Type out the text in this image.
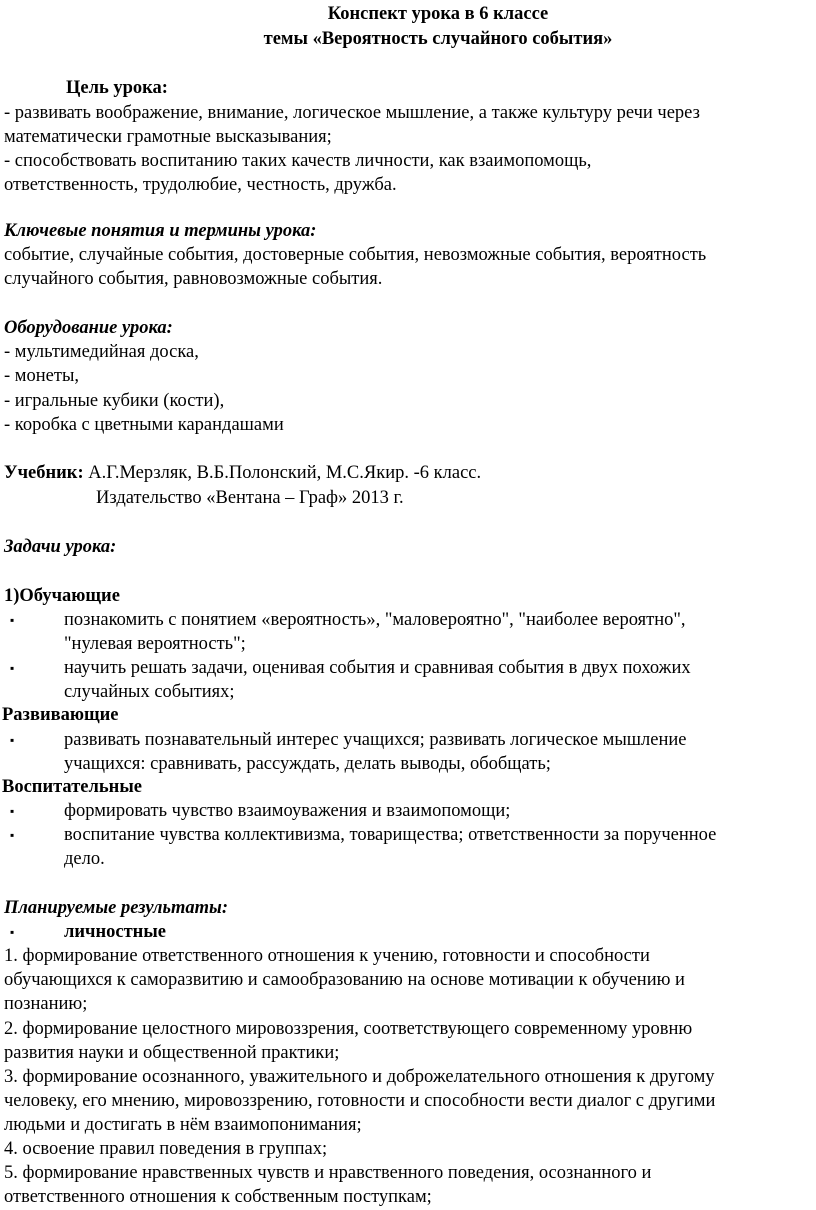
Конспект урока в 6 классе
темы «Вероятность случайного события»
Цель урока:
- развивать воображение, внимание, логическое мышление, а также культуру речи через
математически грамотные высказывания;
- способствовать воспитанию таких качеств личности, как взаимопомощь,
ответственность, трудолюбие, честность, дружба.
Ключевые понятия и термины урока:
событие, случайные события, достоверные события, невозможные события, вероятность
случайного события, равновозможные события.
Оборудование урока:
- мультимедийная доска,
- монеты,
- игральные кубики (кости),
- коробка с цветными карандашами
Учебник: А.Г.Мерзляк, В.Б.Полонский, М.С.Якир. -6 класс.
Издательство «Вентана – Граф» 2013 г.
Задачи урока:
1)Обучающие
▪	познакомить с понятием «вероятность», "маловероятно", "наиболее вероятно",
"нулевая вероятность";
▪	научить решать задачи, оценивая события и сравнивая события в двух похожих
случайных событиях;
Развивающие
▪	развивать познавательный интерес учащихся; развивать логическое мышление
учащихся: сравнивать, рассуждать, делать выводы, обобщать;
Воспитательные
▪	формировать чувство взаимоуважения и взаимопомощи;
▪	воспитание чувства коллективизма, товарищества; ответственности за порученное
дело.
Планируемые результаты:
▪	личностные
1. формирование ответственного отношения к учению, готовности и способности
обучающихся к саморазвитию и самообразованию на основе мотивации к обучению и
познанию;
2. формирование целостного мировоззрения, соответствующего современному уровню
развития науки и общественной практики;
3. формирование осознанного, уважительного и доброжелательного отношения к другому
человеку, его мнению, мировоззрению, готовности и способности вести диалог с другими
людьми и достигать в нём взаимопонимания;
4. освоение правил поведения в группах;
5. формирование нравственных чувств и нравственного поведения, осознанного и
ответственного отношения к собственным поступкам;
